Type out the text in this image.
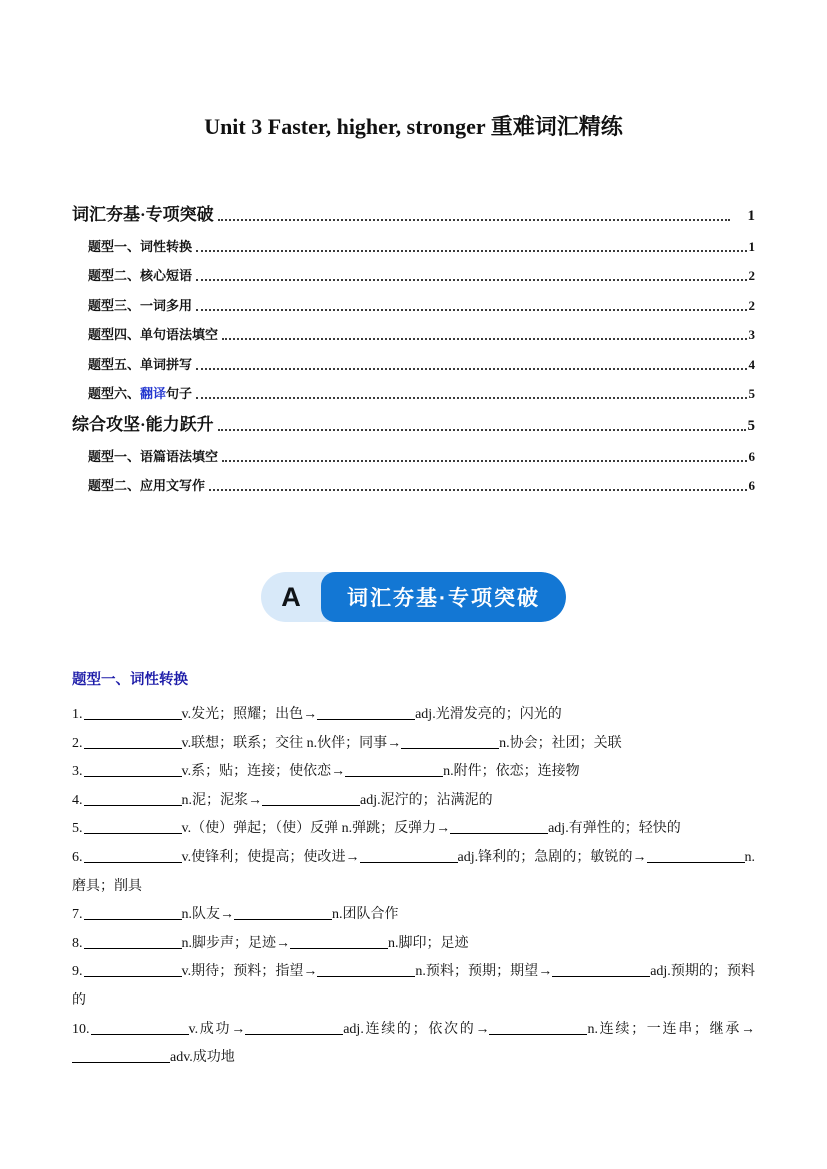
Unit 3 Faster, higher, stronger 重难词汇精练
词汇夯基·专项突破	1
题型一、词性转换	1
题型二、核心短语	2
题型三、一词多用	2
题型四、单句语法填空	3
题型五、单词拼写	4
题型六、翻译句子	5
综合攻坚·能力跃升	5
题型一、语篇语法填空	6
题型二、应用文写作	6
A	词汇夯基·专项突破
题型一、词性转换
1.	v.发光；照耀；出色→	adj.光滑发亮的；闪光的
2.	v.联想；联系；交往 n.伙伴；同事→	n.协会；社团；关联
3.	v.系；贴；连接；使依恋→	n.附件；依恋；连接物
4.	n.泥；泥浆→	adj.泥泞的；沾满泥的
5.	v.（使）弹起；（使）反弹 n.弹跳；反弹力→	adj.有弹性的；轻快的
6.	v.使锋利；使提高；使改进→	adj.锋利的；急剧的；敏锐的→	n.磨具；削具
7.	n.队友→	n.团队合作
8.	n.脚步声；足迹→	n.脚印；足迹
9.	v.期待；预料；指望→	n.预料；预期；期望→	adj.预期的；预料的
10.	v.成功→	adj.连续的；依次的→	n.连续；一连串；继承→adv.成功地
